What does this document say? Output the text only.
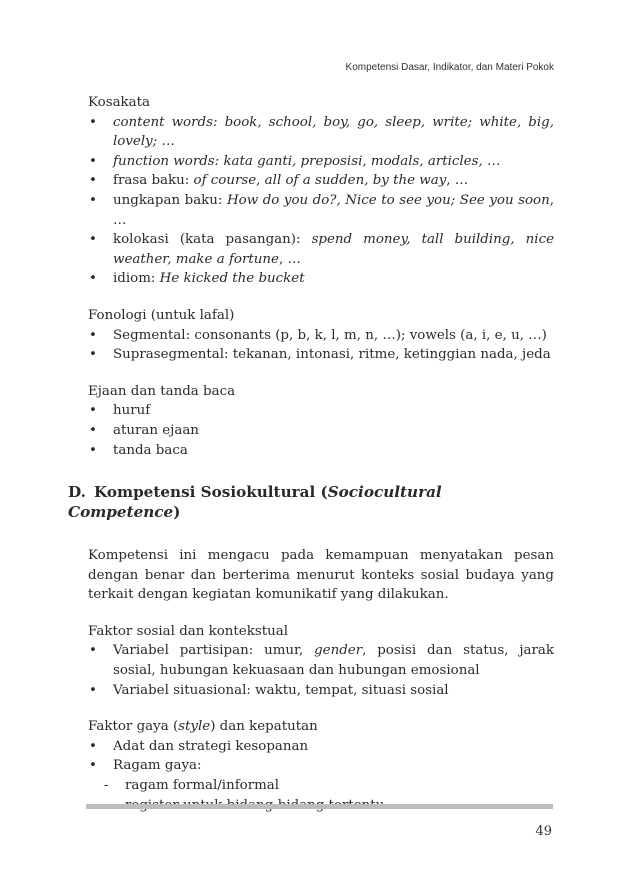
Kompetensi Dasar, Indikator, dan Materi Pokok

Kosakata

• content words: book, school, boy, go, sleep, write; white, big, lovely; …
• function words: kata ganti, preposisi, modals, articles, …
• frasa baku: of course, all of a sudden, by the way, …
• ungkapan baku: How do you do?, Nice to see you; See you soon, …
• kolokasi (kata pasangan): spend money, tall building, nice weather, make a fortune, …
• idiom: He kicked the bucket

Fonologi (untuk lafal)

• Segmental: consonants (p, b, k, l, m, n, …); vowels (a, i, e, u, …)
• Suprasegmental: tekanan, intonasi, ritme, ketinggian nada, jeda

Ejaan dan tanda baca

• huruf
• aturan ejaan
• tanda baca
D. Kompetensi Sosiokultural (Sociocultural Competence)

Kompetensi ini mengacu pada kemampuan menyatakan pesan dengan benar dan berterima menurut konteks sosial budaya yang terkait dengan kegiatan komunikatif yang dilakukan.

Faktor sosial dan kontekstual

• Variabel partisipan: umur, gender, posisi dan status, jarak sosial, hubungan kekuasaan dan hubungan emosional
• Variabel situasional: waktu, tempat, situasi sosial

Faktor gaya (style) dan kepatutan

• Adat dan strategi kesopanan
• Ragam gaya:
- ragam formal/informal
-
49
